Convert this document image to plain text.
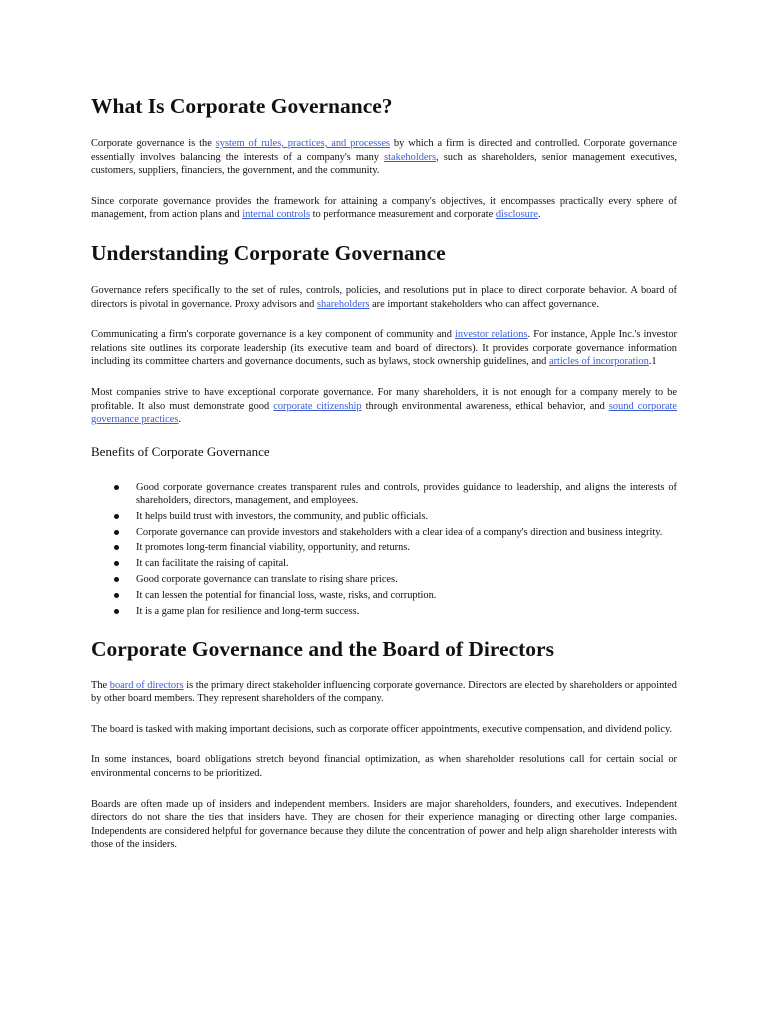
What Is Corporate Governance?

Corporate governance is the system of rules, practices, and processes by which a firm is directed and controlled. Corporate governance essentially involves balancing the interests of a company's many stakeholders, such as shareholders, senior management executives, customers, suppliers, financiers, the government, and the community.

Since corporate governance provides the framework for attaining a company's objectives, it encompasses practically every sphere of management, from action plans and internal controls to performance measurement and corporate disclosure.

Understanding Corporate Governance

Governance refers specifically to the set of rules, controls, policies, and resolutions put in place to direct corporate behavior. A board of directors is pivotal in governance. Proxy advisors and shareholders are important stakeholders who can affect governance.

Communicating a firm's corporate governance is a key component of community and investor relations. For instance, Apple Inc.'s investor relations site outlines its corporate leadership (its executive team and board of directors). It provides corporate governance information including its committee charters and governance documents, such as bylaws, stock ownership guidelines, and articles of incorporation.1

Most companies strive to have exceptional corporate governance. For many shareholders, it is not enough for a company merely to be profitable. It also must demonstrate good corporate citizenship through environmental awareness, ethical behavior, and sound corporate governance practices.

Benefits of Corporate Governance
Good corporate governance creates transparent rules and controls, provides guidance to leadership, and aligns the interests of shareholders, directors, management, and employees.
It helps build trust with investors, the community, and public officials.
Corporate governance can provide investors and stakeholders with a clear idea of a company's direction and business integrity.
It promotes long-term financial viability, opportunity, and returns.
It can facilitate the raising of capital.
Good corporate governance can translate to rising share prices.
It can lessen the potential for financial loss, waste, risks, and corruption.
It is a game plan for resilience and long-term success.
Corporate Governance and the Board of Directors

The board of directors is the primary direct stakeholder influencing corporate governance. Directors are elected by shareholders or appointed by other board members. They represent shareholders of the company.

The board is tasked with making important decisions, such as corporate officer appointments, executive compensation, and dividend policy.

In some instances, board obligations stretch beyond financial optimization, as when shareholder resolutions call for certain social or environmental concerns to be prioritized.

Boards are often made up of insiders and independent members. Insiders are major shareholders, founders, and executives. Independent directors do not share the ties that insiders have. They are chosen for their experience managing or directing other large companies. Independents are considered helpful for governance because they dilute the concentration of power and help align shareholder interests with those of the insiders.
